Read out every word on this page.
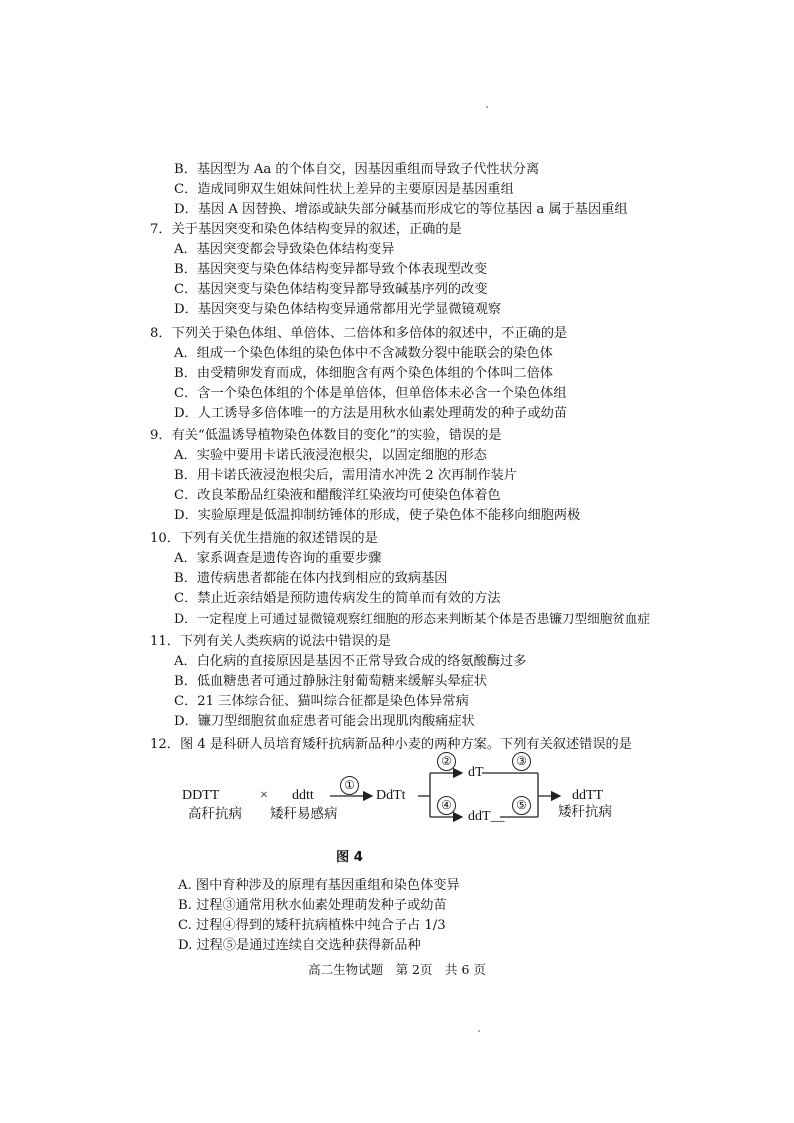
B．基因型为 Aa 的个体自交，因基因重组而导致子代性状分离
C．造成同卵双生姐妹间性状上差异的主要原因是基因重组
D．基因 A 因替换、增添或缺失部分碱基而形成它的等位基因 a 属于基因重组
7．关于基因突变和染色体结构变异的叙述，正确的是
A．基因突变都会导致染色体结构变异
B．基因突变与染色体结构变异都导致个体表现型改变
C．基因突变与染色体结构变异都导致碱基序列的改变
D．基因突变与染色体结构变异通常都用光学显微镜观察
8．下列关于染色体组、单倍体、二倍体和多倍体的叙述中，不正确的是
A．组成一个染色体组的染色体中不含减数分裂中能联会的染色体
B．由受精卵发育而成，体细胞含有两个染色体组的个体叫二倍体
C．含一个染色体组的个体是单倍体，但单倍体未必含一个染色体组
D．人工诱导多倍体唯一的方法是用秋水仙素处理萌发的种子或幼苗
9．有关“低温诱导植物染色体数目的变化”的实验，错误的是
A．实验中要用卡诺氏液浸泡根尖，以固定细胞的形态
B．用卡诺氏液浸泡根尖后，需用清水冲洗 2 次再制作装片
C．改良苯酚品红染液和醋酸洋红染液均可使染色体着色
D．实验原理是低温抑制纺锤体的形成，使子染色体不能移向细胞两极
10．下列有关优生措施的叙述错误的是
A．家系调查是遗传咨询的重要步骤
B．遗传病患者都能在体内找到相应的致病基因
C．禁止近亲结婚是预防遗传病发生的简单而有效的方法
D．一定程度上可通过显微镜观察红细胞的形态来判断某个体是否患镰刀型细胞贫血症
11．下列有关人类疾病的说法中错误的是
A．白化病的直接原因是基因不正常导致合成的络氨酸酶过多
B．低血糖患者可通过静脉注射葡萄糖来缓解头晕症状
C．21 三体综合征、猫叫综合征都是染色体异常病
D．镰刀型细胞贫血症患者可能会出现肌肉酸痛症状
12．图 4 是科研人员培育矮秆抗病新品种小麦的两种方案。下列有关叙述错误的是
DDTT	× ddtt	DdTt
dT
ddT__
ddTT
高秆抗病 矮秆易感病	矮秆抗病
①
②	③
④	⑤
图 4
A. 图中育种涉及的原理有基因重组和染色体变异
B. 过程③通常用秋水仙素处理萌发种子或幼苗
C. 过程④得到的矮秆抗病植株中纯合子占 1/3
D. 过程⑤是通过连续自交选种获得新品种
高二生物试题　第 2页　共 6 页
